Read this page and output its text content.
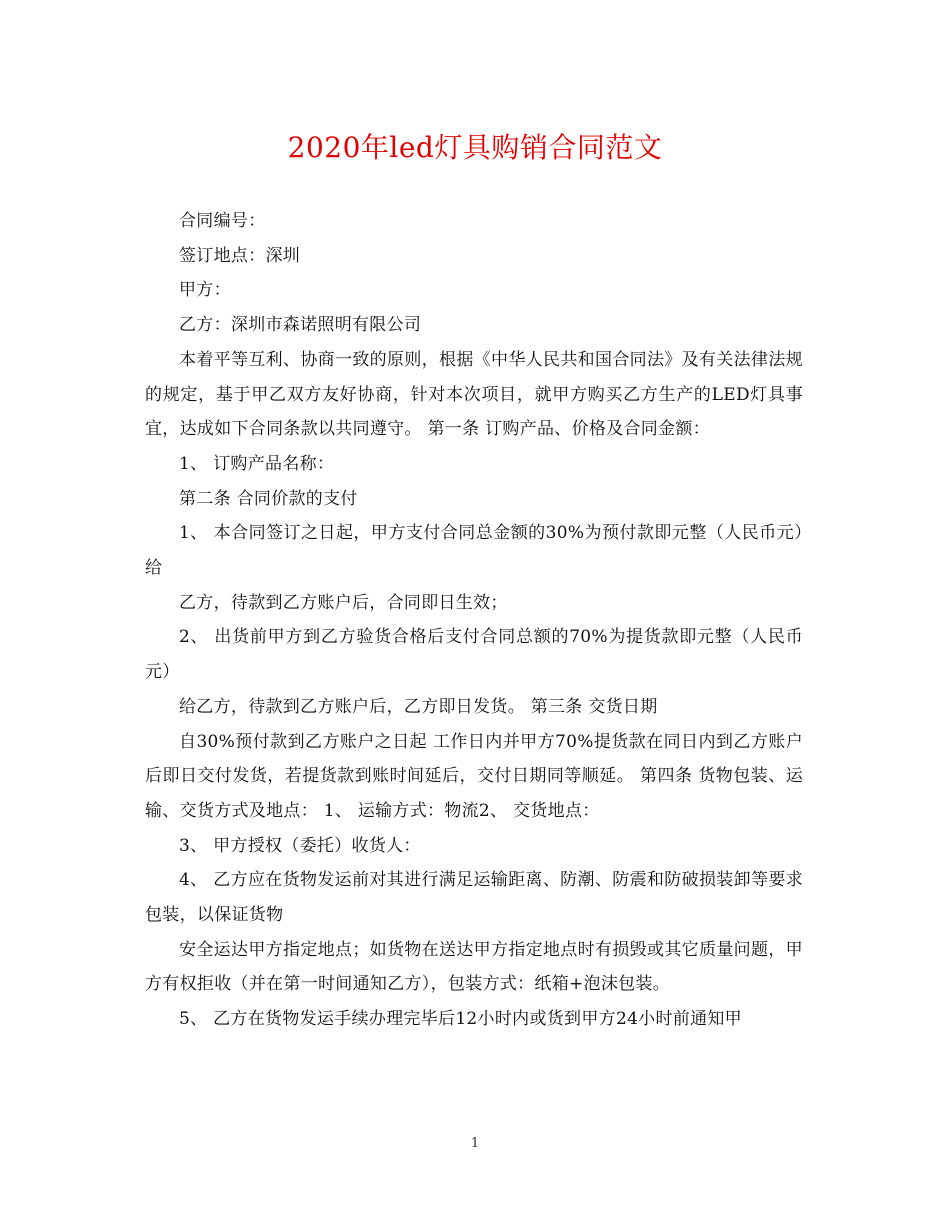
2020年led灯具购销合同范文

合同编号：

签订地点：深圳

甲方：

乙方：深圳市森诺照明有限公司

本着平等互利、协商一致的原则，根据《中华人民共和国合同法》及有关法律法规的规定，基于甲乙双方友好协商，针对本次项目，就甲方购买乙方生产的LED灯具事宜，达成如下合同条款以共同遵守。 第一条 订购产品、价格及合同金额：

1、 订购产品名称：

第二条 合同价款的支付

1、 本合同签订之日起，甲方支付合同总金额的30%为预付款即元整（人民币元）给

乙方，待款到乙方账户后，合同即日生效；

2、 出货前甲方到乙方验货合格后支付合同总额的70%为提货款即元整（人民币元）

给乙方，待款到乙方账户后，乙方即日发货。 第三条 交货日期

自30%预付款到乙方账户之日起 工作日内并甲方70%提货款在同日内到乙方账户后即日交付发货，若提货款到账时间延后，交付日期同等顺延。 第四条 货物包装、运输、交货方式及地点： 1、 运输方式：物流2、 交货地点：

3、 甲方授权（委托）收货人：

4、 乙方应在货物发运前对其进行满足运输距离、防潮、防震和防破损装卸等要求包装，以保证货物

安全运达甲方指定地点；如货物在送达甲方指定地点时有损毁或其它质量问题，甲方有权拒收（并在第一时间通知乙方），包装方式：纸箱+泡沫包装。

5、 乙方在货物发运手续办理完毕后12小时内或货到甲方24小时前通知甲

1
